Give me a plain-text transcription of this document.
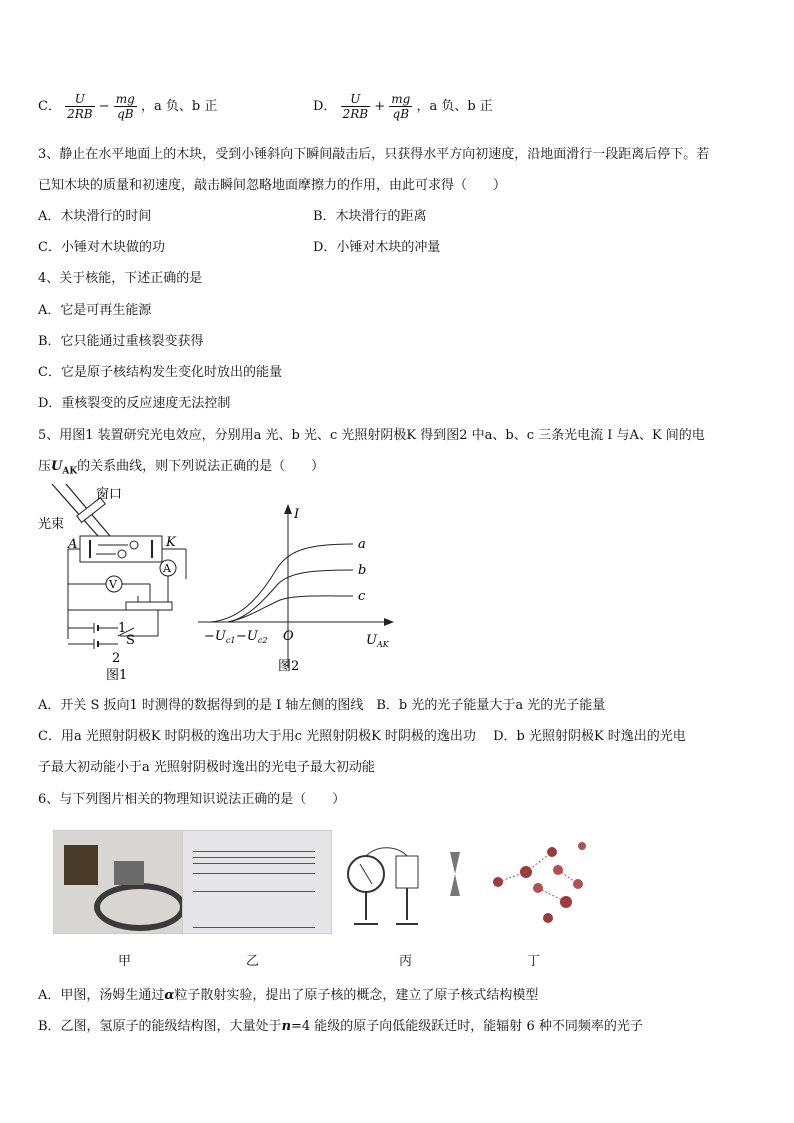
C． $\frac{U}{2RB} - \frac{mg}{qB}$ ，a 负、b 正	D． $\frac{U}{2RB} + \frac{mg}{qB}$ ，a 负、b 正
3、静止在水平地面上的木块，受到小锤斜向下瞬间敲击后，只获得水平方向初速度，沿地面滑行一段距离后停下。若
已知木块的质量和初速度，敲击瞬间忽略地面摩擦力的作用，由此可求得（　　）
A．木块滑行的时间	B．木块滑行的距离
C．小锤对木块做的功	D．小锤对木块的冲量
4、关于核能，下述正确的是
A．它是可再生能源
B．它只能通过重核裂变获得
C．它是原子核结构发生变化时放出的能量
D．重核裂变的反应速度无法控制
5、用图1 装置研究光电效应，分别用a 光、b 光、c 光照射阴极K 得到图2 中a、b、c 三条光电流 I 与A、K 间的电
压$U_{AK}$的关系曲线，则下列说法正确的是（　　）
窗口
光束
A	K
V
A
1
2
S
图1
I
a
b
c
$-U_{c1} -U_{c2}$ O	$U_{AK}$
图2
A．开关 S 扳向1 时测得的数据得到的是 I 轴左侧的图线　B．b 光的光子能量大于a 光的光子能量
C．用a 光照射阴极K 时阴极的逸出功大于用c 光照射阴极K 时阴极的逸出功　 D．b 光照射阴极K 时逸出的光电
子最大初动能小于a 光照射阴极时逸出的光电子最大初动能
6、与下列图片相关的物理知识说法正确的是（　　）
甲	乙	丙	丁
A．甲图，汤姆生通过α粒子散射实验，提出了原子核的概念，建立了原子核式结构模型
B．乙图，氢原子的能级结构图，大量处于n=4 能级的原子向低能级跃迁时，能辐射 6 种不同频率的光子
